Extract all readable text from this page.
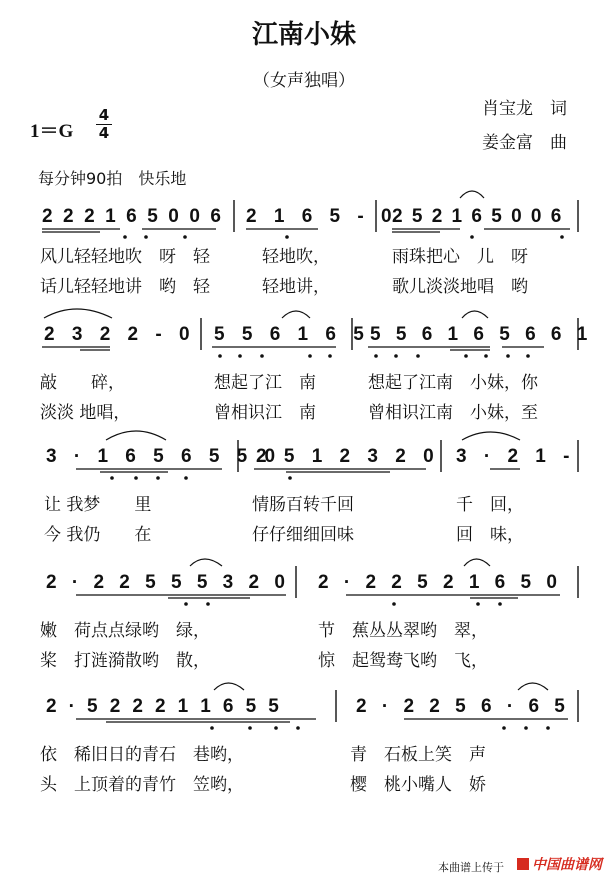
江南小妹
（女声独唱）
肖宝龙　词
姜金富　曲
1＝G
4
4
每分钟90拍　快乐地
2 2 2 1 6 5 0 0 6 2 1 6 5 - 0
2 5 2 1 6 5 0 0 6
风儿轻轻地吹　呀　轻
话儿轻轻地讲　哟　轻
轻地吹，
轻地讲，
雨珠把心　儿　呀
歌儿淡淡地唱　哟
2 3 2 2 - 0 5 5 6 1 6 5 5 5 6 1 6 5 6 6 1
敲　　碎，
淡淡 地唱，
想起了江　南
曾相识江　南
想起了江南　小妹，你
曾相识江南　小妹，至
3 · 1 6 5 6 5 5 0
2 5 1 2 3 2 0 3 · 2 1 -
让 我梦　　里
今 我仍　　在
情肠百转千回
仔仔细细回味
千　回，
回　味，
2 · 2 2 5 5 5 3 2 0 2 · 2 2 5 2 1 6 5 0
嫩　荷点点绿哟　绿，
桨　打涟漪散哟　散，
节　蕉丛丛翠哟　翠，
惊　起鸳鸯飞哟　飞，
2 · 5 2 2 2 1 1 6 5 5	2 · 2 2 5 6 · 6 5
依　稀旧日的青石　巷哟，
头　上顶着的青竹　笠哟，
青　石板上笑　声
樱　桃小嘴人　娇
本曲谱上传于	中国曲谱网
